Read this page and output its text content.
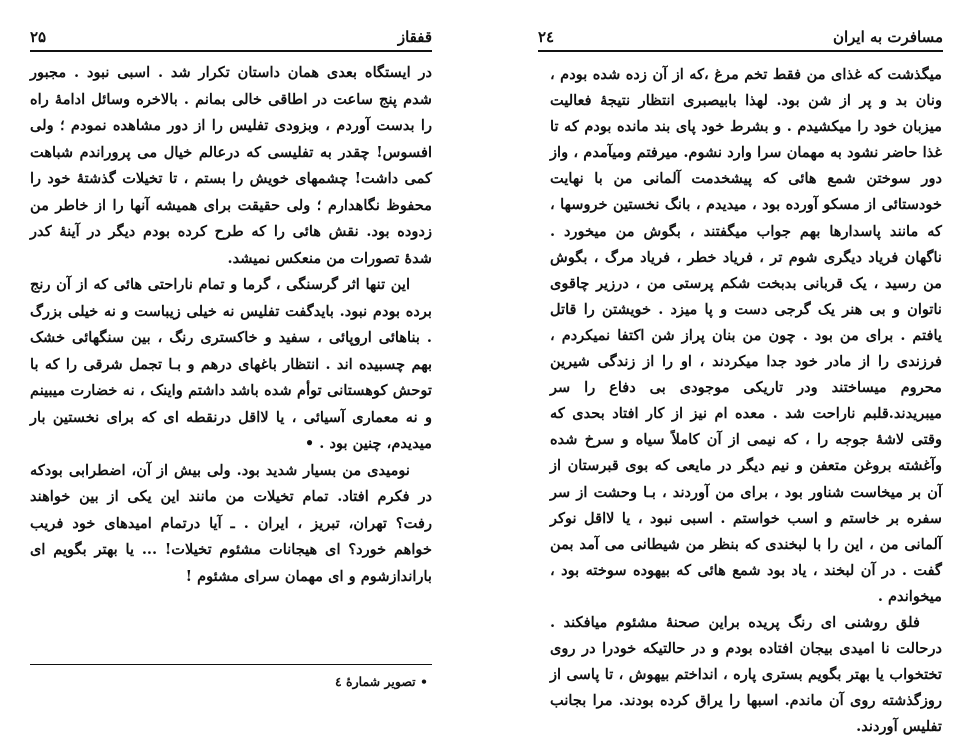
قفقاز
۲۵

در ایستگاه بعدی همان داستان تکرار شد . اسبی نبود . مجبور شدم پنج ساعت در اطاقی خالی بمانم . بالاخره وسائل ادامهٔ راه را بدست آوردم ، وبزودی تفلیس را از دور مشاهده نمودم ؛ ولی افسوس! چقدر به تفلیسی که درعالم خیال می پروراندم شباهت کمی داشت! چشمهای خویش را بستم ، تا تخیلات گذشتهٔ خود را محفوظ نگاهدارم ؛ ولی حقیقت برای همیشه آنها را از خاطر من زدوده بود. نقش هائی را که طرح کرده بودم دیگر در آینهٔ کدر شدهٔ تصورات من منعکس نمیشد.

این تنها اثر گرسنگی ، گرما و تمام ناراحتی هائی که از آن رنج برده بودم نبود. بایدگفت تفلیس نه خیلی زیباست و نه خیلی بزرگ . بناهائی اروپائی ، سفید و خاکستری رنگ ، بین سنگهائی خشک بهم چسبیده اند . انتظار باغهای درهم و بـا تجمل شرقی را که با توحش کوهستانی توأم شده باشد داشتم واینک ، نه خضارت میبینم و نه معماری آسیائی ، یا لااقل درنقطه ای که برای نخستین بار میدیدم، چنین بود . •

نومیدی من بسیار شدید بود. ولی بیش از آن، اضطرابی بودکه در فکرم افتاد. تمام تخیلات من مانند این یکی از بین خواهند رفت؟ تهران، تبریز ، ایران . ـ آیا درتمام امیدهای خود فریب خواهم خورد؟ ای هیجانات مشئوم تخیلات! ... یا بهتر بگویم ای باراندازشوم و ای مهمان سرای مشئوم !

• تصویر شمارهٔ ٤
مسافرت به ایران
۲٤

میگذشت که غذای من فقط تخم مرغ ،که از آن زده شده بودم ، ونان بد و پر از شن بود. لهذا بابیصبری انتظار نتیجهٔ فعالیت میزبان خود را میکشیدم . و بشرط خود پای بند مانده بودم که تا غذا حاضر نشود به مهمان سرا وارد نشوم. میرفتم ومیآمدم ، واز دور سوختن شمع هائی که پیشخدمت آلمانی من با نهایت خودستائی از مسکو آورده بود ، میدیدم ، بانگ نخستین خروسها ، که مانند پاسدارها بهم جواب میگفتند ، بگوش من میخورد . ناگهان فریاد دیگری شوم تر ، فریاد خطر ، فریاد مرگ ، بگوش من رسید ، یک قربانی بدبخت شکم پرستی من ، درزیر چاقوی ناتوان و بی هنر یک گرجی دست و پا میزد . خویشتن را قاتل یافتم . برای من بود . چون من بنان پراز شن اکتفا نمیکردم ، فرزندی را از مادر خود جدا میکردند ، او را از زندگی شیرین محروم میساختند ودر تاریکی موجودی بی دفاع را سر میبریدند.قلبم ناراحت شد . معده ام نیز از کار افتاد بحدی که وقتی لاشهٔ جوجه را ، که نیمی از آن کاملاً سیاه و سرخ شده وآغشته بروغن متعفن و نیم دیگر در مایعی که بوی قبرستان از آن بر میخاست شناور بود ، برای من آوردند ، بـا وحشت از سر سفره بر خاستم و اسب خواستم . اسبی نبود ، یا لااقل نوکر آلمانی من ، این را با لبخندی که بنظر من شیطانی می آمد بمن گفت . در آن لبخند ، یاد بود شمع هائی که بیهوده سوخته بود ، میخواندم .

فلق روشنی ای رنگ پریده براین صحنهٔ مشئوم میافکند . درحالت نا امیدی بیجان افتاده بودم و در حالتیکه خودرا در روی تختخواب یا بهتر بگویم بستری پاره ، انداختم بیهوش ، تا پاسی از روزگذشته روی آن ماندم. اسبها را یراق کرده بودند. مرا بجانب تفلیس آوردند.
